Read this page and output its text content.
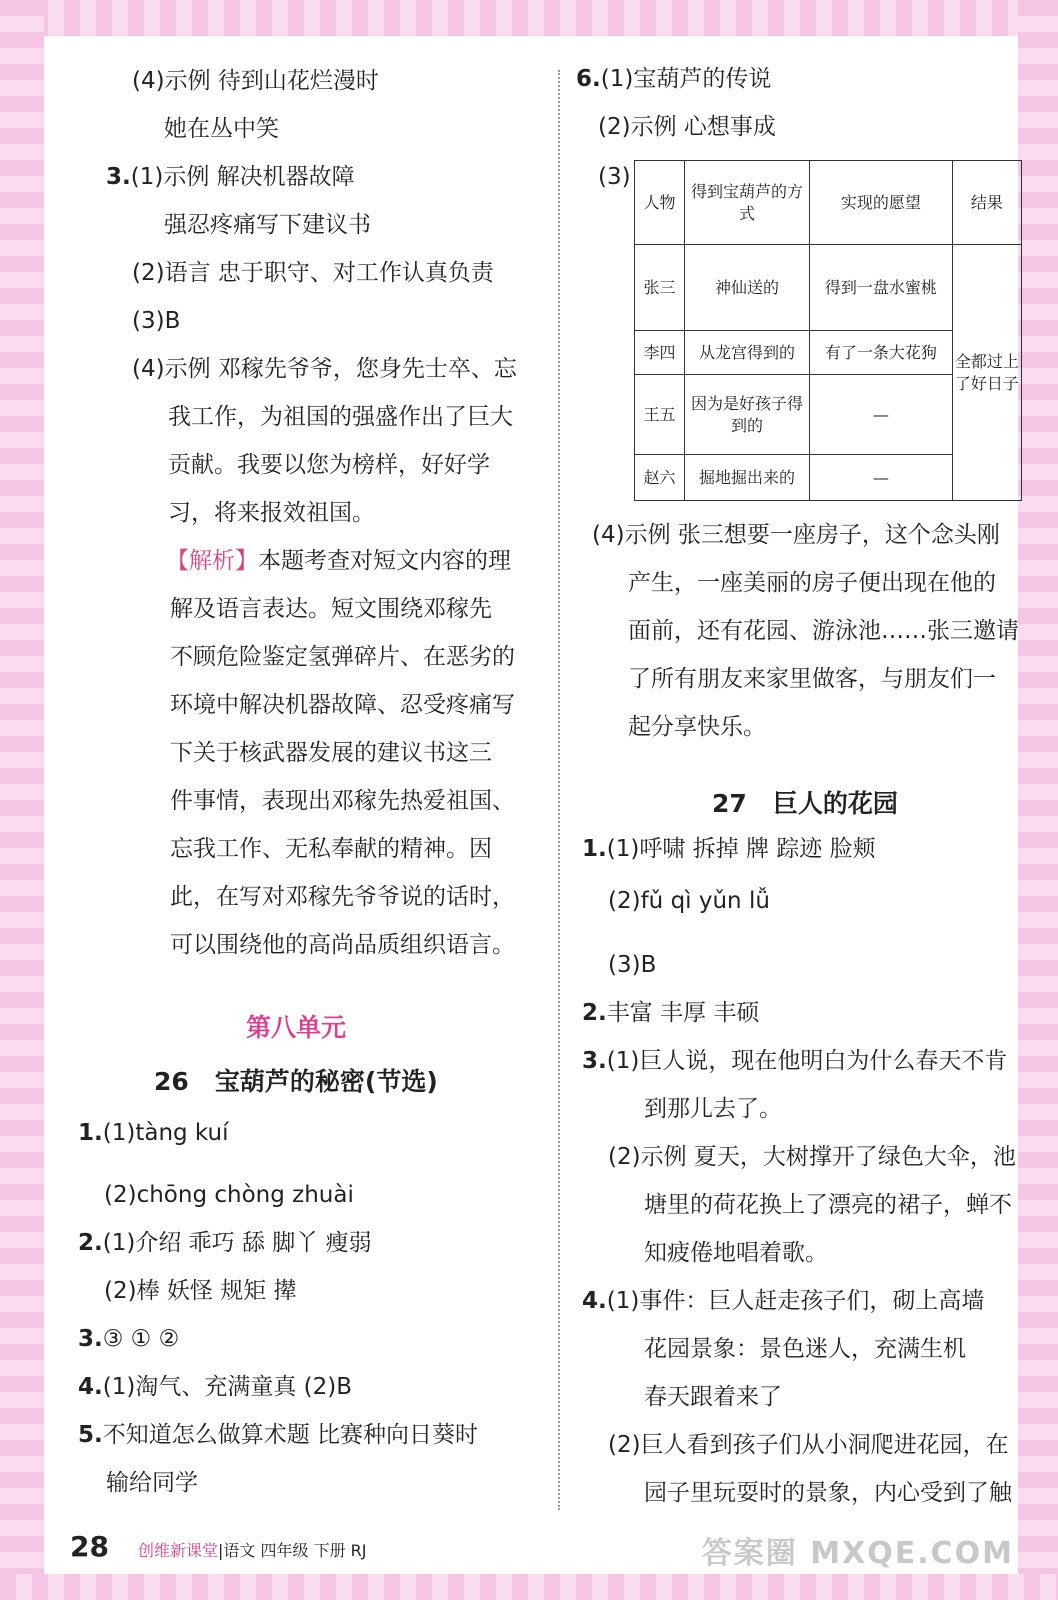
(4)示例 待到山花烂漫时
她在丛中笑
3.(1)示例 解决机器故障
强忍疼痛写下建议书
(2)语言 忠于职守、对工作认真负责
(3)B
(4)示例 邓稼先爷爷，您身先士卒、忘
我工作，为祖国的强盛作出了巨大
贡献。我要以您为榜样，好好学
习，将来报效祖国。
【解析】本题考查对短文内容的理
解及语言表达。短文围绕邓稼先
不顾危险鉴定氢弹碎片、在恶劣的
环境中解决机器故障、忍受疼痛写
下关于核武器发展的建议书这三
件事情，表现出邓稼先热爱祖国、
忘我工作、无私奉献的精神。因
此，在写对邓稼先爷爷说的话时，
可以围绕他的高尚品质组织语言。
第八单元
26 宝葫芦的秘密(节选)
1.(1)tàng kuí
(2)chōng chòng zhuài
2.(1)介绍 乖巧 舔 脚丫 瘦弱
(2)棒 妖怪 规矩 撵
3.③ ① ②
4.(1)淘气、充满童真 (2)B
5.不知道怎么做算术题 比赛种向日葵时
输给同学
6.(1)宝葫芦的传说
(2)示例 心想事成
(3)
人物	得到宝葫芦的方式	实现的愿望	结果
张三	神仙送的	得到一盘水蜜桃	全都过上了好日子
李四	从龙宫得到的	有了一条大花狗	
王五	因为是好孩子得到的	—	
赵六	掘地掘出来的	—	
(4)示例 张三想要一座房子，这个念头刚
产生，一座美丽的房子便出现在他的
面前，还有花园、游泳池……张三邀请
了所有朋友来家里做客，与朋友们一
起分享快乐。
27 巨人的花园
1.(1)呼啸 拆掉 牌 踪迹 脸颊
(2)fǔ qì yǔn lǚ
(3)B
2.丰富 丰厚 丰硕
3.(1)巨人说，现在他明白为什么春天不肯
到那儿去了。
(2)示例 夏天，大树撑开了绿色大伞，池
塘里的荷花换上了漂亮的裙子，蝉不
知疲倦地唱着歌。
4.(1)事件：巨人赶走孩子们，砌上高墙
花园景象：景色迷人，充满生机
春天跟着来了
(2)巨人看到孩子们从小洞爬进花园，在
园子里玩耍时的景象，内心受到了触
28 创维新课堂|语文 四年级 下册 RJ	答案圈 MXQE.COM
